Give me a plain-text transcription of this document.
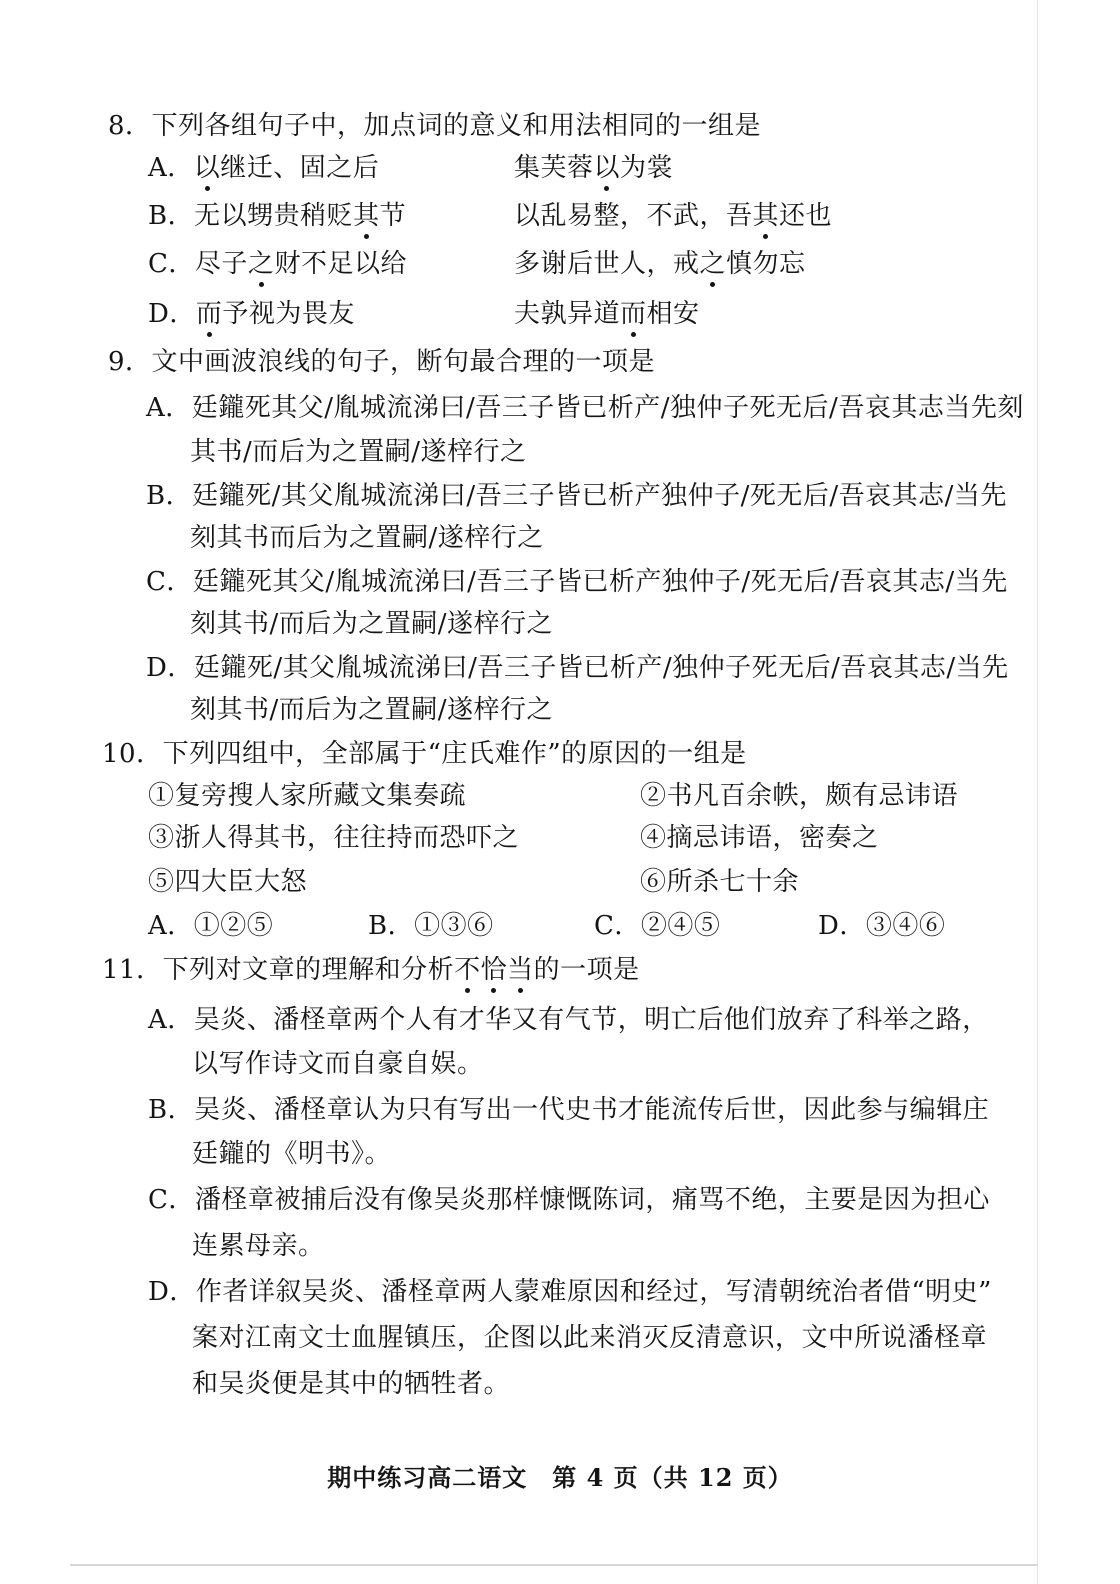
8．下列各组句子中，加点词的意义和用法相同的一组是
A．以继迁、固之后	集芙蓉以为裳
B．无以甥贵稍贬其节	以乱易整，不武，吾其还也
C．尽子之财不足以给	多谢后世人，戒之慎勿忘
D．而予视为畏友	夫孰异道而相安
9．文中画波浪线的句子，断句最合理的一项是
A．廷鑨死其父/胤城流涕曰/吾三子皆已析产/独仲子死无后/吾哀其志当先刻
其书/而后为之置嗣/遂梓行之
B．廷鑨死/其父胤城流涕曰/吾三子皆已析产独仲子/死无后/吾哀其志/当先
刻其书而后为之置嗣/遂梓行之
C．廷鑨死其父/胤城流涕曰/吾三子皆已析产独仲子/死无后/吾哀其志/当先
刻其书/而后为之置嗣/遂梓行之
D．廷鑨死/其父胤城流涕曰/吾三子皆已析产/独仲子死无后/吾哀其志/当先
刻其书/而后为之置嗣/遂梓行之
10．下列四组中，全部属于“庄氏难作”的原因的一组是
①复旁搜人家所藏文集奏疏	②书凡百余帙，颇有忌讳语
③浙人得其书，往往持而恐吓之	④摘忌讳语，密奏之
⑤四大臣大怒	⑥所杀七十余
A．①②⑤	B．①③⑥	C．②④⑤	D．③④⑥
11．下列对文章的理解和分析不恰当的一项是
A．吴炎、潘柽章两个人有才华又有气节，明亡后他们放弃了科举之路，
以写作诗文而自豪自娱。
B．吴炎、潘柽章认为只有写出一代史书才能流传后世，因此参与编辑庄
廷鑨的《明书》。
C．潘柽章被捕后没有像吴炎那样慷慨陈词，痛骂不绝，主要是因为担心
连累母亲。
D．作者详叙吴炎、潘柽章两人蒙难原因和经过，写清朝统治者借“明史”
案对江南文士血腥镇压，企图以此来消灭反清意识，文中所说潘柽章
和吴炎便是其中的牺牲者。
期中练习高二语文　第 4 页（共 12 页）
